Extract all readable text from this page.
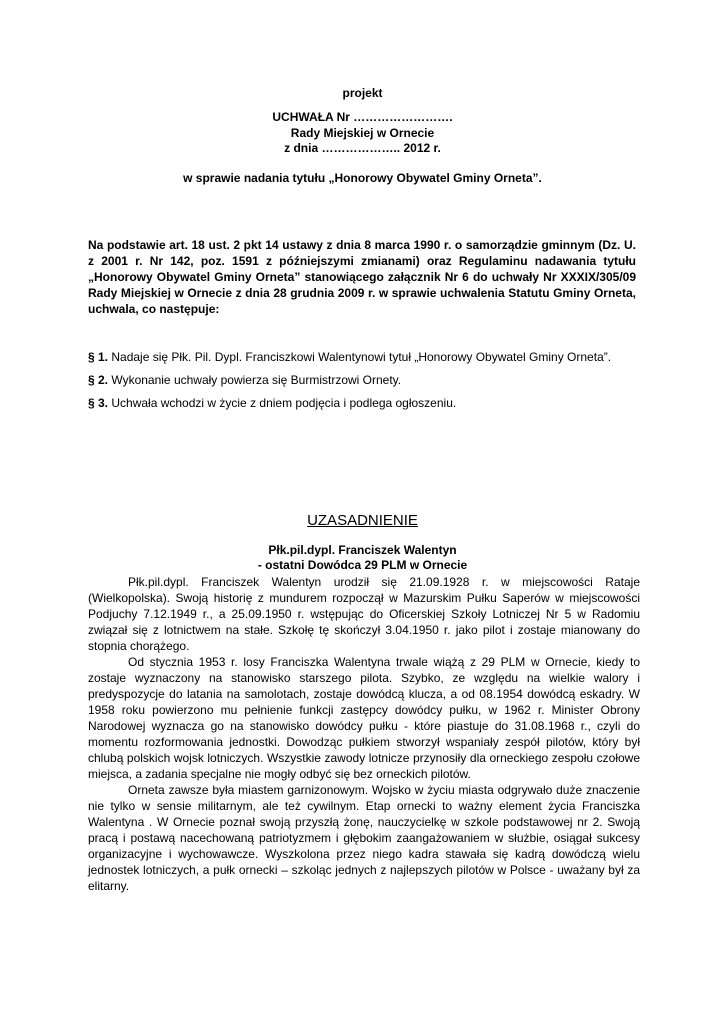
projekt
UCHWAŁA Nr …………………….
Rady Miejskiej w Ornecie
z dnia ……………….. 2012 r.
w sprawie nadania tytułu „Honorowy Obywatel Gminy Orneta”.
Na podstawie art. 18 ust. 2 pkt 14 ustawy z dnia 8 marca 1990 r. o samorządzie gminnym (Dz. U. z 2001 r. Nr 142, poz. 1591 z późniejszymi zmianami) oraz Regulaminu nadawania tytułu „Honorowy Obywatel Gminy Orneta” stanowiącego załącznik Nr 6 do uchwały Nr XXXIX/305/09 Rady Miejskiej w Ornecie z dnia 28 grudnia 2009 r. w sprawie uchwalenia Statutu Gminy Orneta, uchwala, co następuje:
§ 1. Nadaje się Płk. Pil. Dypl. Franciszkowi Walentynowi tytuł „Honorowy Obywatel Gminy Orneta”.
§ 2. Wykonanie uchwały powierza się Burmistrzowi Ornety.
§ 3. Uchwała wchodzi w życie z dniem podjęcia i podlega ogłoszeniu.
UZASADNIENIE
Płk.pil.dypl. Franciszek Walentyn
- ostatni Dowódca 29 PLM w Ornecie

Płk.pil.dypl. Franciszek Walentyn urodził się 21.09.1928 r. w miejscowości Rataje (Wielkopolska). Swoją historię z mundurem rozpoczął w Mazurskim Pułku Saperów w miejscowości Podjuchy 7.12.1949 r., a 25.09.1950 r. wstępując do Oficerskiej Szkoły Lotniczej Nr 5 w Radomiu związał się z lotnictwem na stałe. Szkołę tę skończył 3.04.1950 r. jako pilot i zostaje mianowany do stopnia chorążego.

Od stycznia 1953 r. losy Franciszka Walentyna trwale wiążą z 29 PLM w Ornecie, kiedy to zostaje wyznaczony na stanowisko starszego pilota. Szybko, ze względu na wielkie walory i predyspozycje do latania na samolotach, zostaje dowódcą klucza, a od 08.1954 dowódcą eskadry. W 1958 roku powierzono mu pełnienie funkcji zastępcy dowódcy pułku, w 1962 r. Minister Obrony Narodowej wyznacza go na stanowisko dowódcy pułku - które piastuje do 31.08.1968 r., czyli do momentu rozformowania jednostki. Dowodząc pułkiem stworzył wspaniały zespół pilotów, który był chlubą polskich wojsk lotniczych. Wszystkie zawody lotnicze przynosiły dla orneckiego zespołu czołowe miejsca, a zadania specjalne nie mogły odbyć się bez orneckich pilotów.

Orneta zawsze była miastem garnizonowym. Wojsko w życiu miasta odgrywało duże znaczenie nie tylko w sensie militarnym, ale też cywilnym. Etap ornecki to ważny element życia Franciszka Walentyna . W Ornecie poznał swoją przyszłą żonę, nauczycielkę w szkole podstawowej nr 2. Swoją pracą i postawą nacechowaną patriotyzmem i głębokim zaangażowaniem w służbie, osiągał sukcesy organizacyjne i wychowawcze. Wyszkolona przez niego kadra stawała się kadrą dowódczą wielu jednostek lotniczych, a pułk ornecki – szkoląc jednych z najlepszych pilotów w Polsce - uważany był za elitarny.
